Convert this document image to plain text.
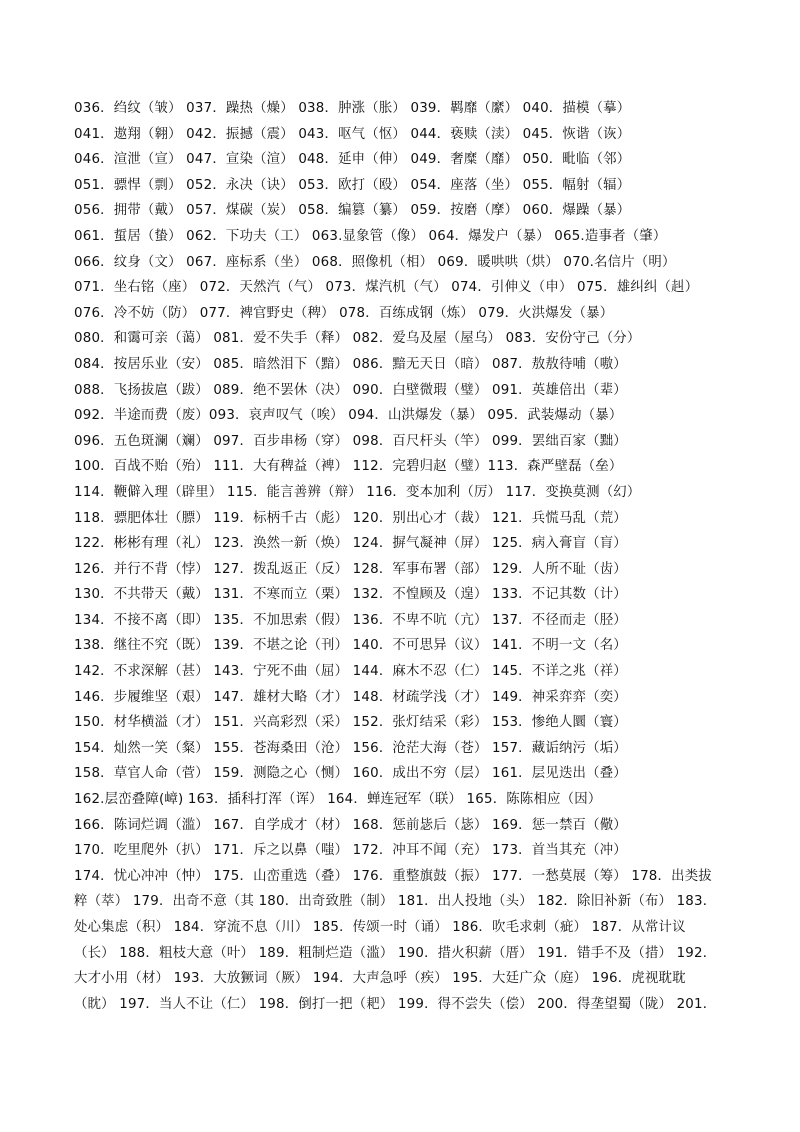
036．绉纹（皱） 037．躁热（燥） 038．肿涨（胀） 039．羁靡（縻） 040．描模（摹）
041．遨翔（翱） 042．振撼（震） 043．呕气（怄） 044．亵赎（渎） 045．恢谐（诙）
046．渲泄（宣） 047．宣染（渲） 048．延申（伸） 049．奢糜（靡） 050．毗临（邻）
051．骠悍（剽） 052．永决（诀） 053．欧打（殴） 054．座落（坐） 055．幅射（辐）
056．拥带（戴） 057．煤碳（炭） 058．编篡（纂） 059．按磨（摩） 060．爆躁（暴）
061．蜇居（蛰） 062．下功夫（工） 063.显象管（像） 064．爆发户（暴） 065.造事者（肇）
066．纹身（文） 067．座标系（坐） 068．照像机（相） 069．暖哄哄（烘） 070.名信片（明）
071．坐右铭（座） 072．天然汽（气） 073．煤汽机（气） 074．引伸义（申） 075．雄纠纠（赳）
076．冷不妨（防） 077．裨官野史（稗） 078．百练成钢（炼） 079．火洪爆发（暴）
080．和霭可亲（蔼） 081．爱不失手（释） 082．爱乌及屋（屋乌） 083．安份守己（分）
084．按居乐业（安） 085．暗然泪下（黯） 086．黯无天日（暗） 087．敖敖待哺（嗷）
088．飞扬拔扈（跋） 089．绝不罢休（决） 090．白壁微瑕（璧） 091．英雄倍出（辈）
092．半途而费（废）093．哀声叹气（唉） 094．山洪爆发（暴） 095．武装爆动（暴）
096．五色斑澜（斓） 097．百步串杨（穿） 098．百尺杆头（竿） 099．罢绌百家（黜）
100．百战不贻（殆） 111．大有稗益（裨） 112．完碧归赵（璧）113．森严壁磊（垒）
114．鞭僻入理（辟里） 115．能言善辨（辩） 116．变本加利（厉） 117．变换莫测（幻）
118．骠肥体壮（膘） 119．标柄千古（彪） 120．别出心才（裁） 121．兵慌马乱（荒）
122．彬彬有理（礼） 123．涣然一新（焕） 124．摒气凝神（屏） 125．病入膏盲（肓）
126．并行不背（悖） 127．拨乱返正（反） 128．军事布署（部） 129．人所不耻（齿）
130．不共带天（戴） 131．不寒而立（栗） 132．不惶顾及（遑） 133．不记其数（计）
134．不接不离（即） 135．不加思索（假） 136．不卑不吭（亢） 137．不径而走（胫）
138．继往不究（既） 139．不堪之论（刊） 140．不可思异（议） 141．不明一文（名）
142．不求深解（甚） 143．宁死不曲（屈） 144．麻木不忍（仁） 145．不详之兆（祥）
146．步履维坚（艰） 147．雄材大略（才） 148．材疏学浅（才） 149．神采弈弈（奕）
150．材华横溢（才） 151．兴高彩烈（采） 152．张灯结采（彩） 153．惨绝人圜（寰）
154．灿然一笑（粲） 155．苍海桑田（沧） 156．沧茫大海（苍） 157．藏诟纳污（垢）
158．草官人命（菅） 159．测隐之心（恻） 160．成出不穷（层） 161．层见迭出（叠）
162.层峦叠障(嶂) 163．插科打浑（诨） 164．蝉连冠军（联） 165．陈陈相应（因）
166．陈词烂调（滥） 167．自学成才（材） 168．惩前毖后（毖） 169．惩一禁百（儆）
170．吃里爬外（扒） 171．斥之以鼻（嗤） 172．冲耳不闻（充） 173．首当其充（冲）
174．忧心冲冲（忡） 175．山峦重选（叠） 176．重整旗鼓（振） 177．一愁莫展（筹） 178．出类拔
粹（萃） 179．出奇不意（其 180．出奇致胜（制） 181．出人投地（头） 182．除旧补新（布） 183．
处心集虑（积） 184．穿流不息（川） 185．传颂一时（诵） 186．吹毛求刺（疵） 187．从常计议
（长） 188．粗枝大意（叶） 189．粗制烂造（滥） 190．措火积薪（厝） 191．错手不及（措） 192．
大才小用（材） 193．大放獗词（厥） 194．大声急呼（疾） 195．大廷广众（庭） 196．虎视耽耽
（眈） 197．当人不让（仁） 198．倒打一把（耙） 199．得不尝失（偿） 200．得垄望蜀（陇） 201．
